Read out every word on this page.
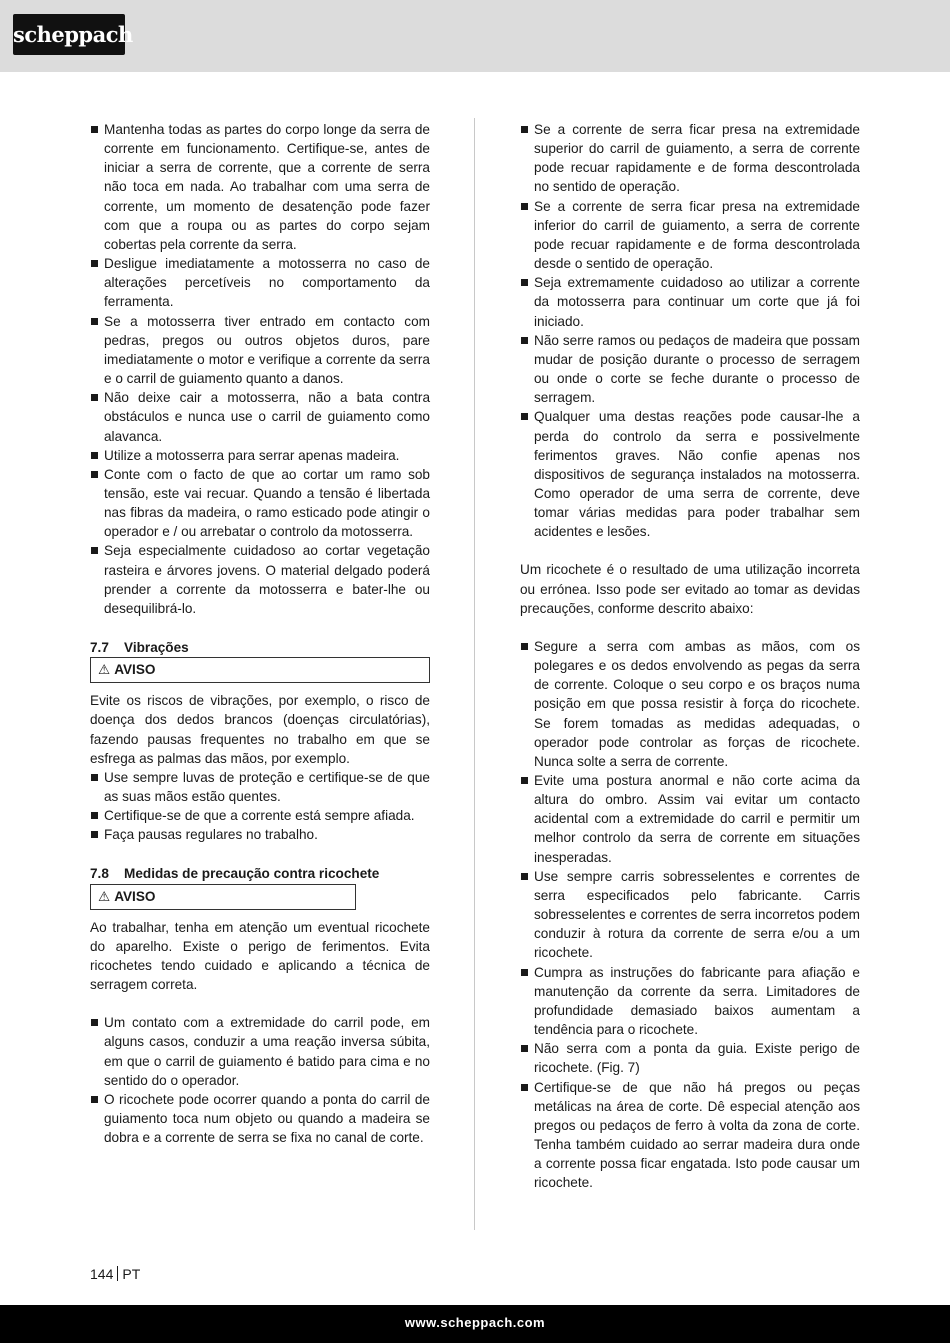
scheppach
Mantenha todas as partes do corpo longe da serra de corrente em funcionamento. Certifique-se, antes de iniciar a serra de corrente, que a corrente de serra não toca em nada. Ao trabalhar com uma serra de corrente, um momento de desatenção pode fazer com que a roupa ou as partes do corpo sejam cobertas pela corrente da serra.
Desligue imediatamente a motosserra no caso de alterações percetíveis no comportamento da ferramenta.
Se a motosserra tiver entrado em contacto com pedras, pregos ou outros objetos duros, pare imediatamente o motor e verifique a corrente da serra e o carril de guiamento quanto a danos.
Não deixe cair a motosserra, não a bata contra obstáculos e nunca use o carril de guiamento como alavanca.
Utilize a motosserra para serrar apenas madeira.
Conte com o facto de que ao cortar um ramo sob tensão, este vai recuar. Quando a tensão é libertada nas fibras da madeira, o ramo esticado pode atingir o operador e / ou arrebatar o controlo da motosserra.
Seja especialmente cuidadoso ao cortar vegetação rasteira e árvores jovens. O material delgado poderá prender a corrente da motosserra e bater-lhe ou desequilibrá-lo.
7.7 Vibrações
⚠ AVISO
Evite os riscos de vibrações, por exemplo, o risco de doença dos dedos brancos (doenças circulatórias), fazendo pausas frequentes no trabalho em que se esfrega as palmas das mãos, por exemplo.
Use sempre luvas de proteção e certifique-se de que as suas mãos estão quentes.
Certifique-se de que a corrente está sempre afiada.
Faça pausas regulares no trabalho.
7.8 Medidas de precaução contra ricochete
⚠ AVISO
Ao trabalhar, tenha em atenção um eventual ricochete do aparelho. Existe o perigo de ferimentos. Evita ricochetes tendo cuidado e aplicando a técnica de serragem correta.
Um contato com a extremidade do carril pode, em alguns casos, conduzir a uma reação inversa súbita, em que o carril de guiamento é batido para cima e no sentido do o operador.
O ricochete pode ocorrer quando a ponta do carril de guiamento toca num objeto ou quando a madeira se dobra e a corrente de serra se fixa no canal de corte.
Se a corrente de serra ficar presa na extremidade superior do carril de guiamento, a serra de corrente pode recuar rapidamente e de forma descontrolada no sentido de operação.
Se a corrente de serra ficar presa na extremidade inferior do carril de guiamento, a serra de corrente pode recuar rapidamente e de forma descontrolada desde o sentido de operação.
Seja extremamente cuidadoso ao utilizar a corrente da motosserra para continuar um corte que já foi iniciado.
Não serre ramos ou pedaços de madeira que possam mudar de posição durante o processo de serragem ou onde o corte se feche durante o processo de serragem.
Qualquer uma destas reações pode causar-lhe a perda do controlo da serra e possivelmente ferimentos graves. Não confie apenas nos dispositivos de segurança instalados na motosserra. Como operador de uma serra de corrente, deve tomar várias medidas para poder trabalhar sem acidentes e lesões.
Um ricochete é o resultado de uma utilização incorreta ou errónea. Isso pode ser evitado ao tomar as devidas precauções, conforme descrito abaixo:
Segure a serra com ambas as mãos, com os polegares e os dedos envolvendo as pegas da serra de corrente. Coloque o seu corpo e os braços numa posição em que possa resistir à força do ricochete. Se forem tomadas as medidas adequadas, o operador pode controlar as forças de ricochete. Nunca solte a serra de corrente.
Evite uma postura anormal e não corte acima da altura do ombro. Assim vai evitar um contacto acidental com a extremidade do carril e permitir um melhor controlo da serra de corrente em situações inesperadas.
Use sempre carris sobresselentes e correntes de serra especificados pelo fabricante. Carris sobresselentes e correntes de serra incorretos podem conduzir à rotura da corrente de serra e/ou a um ricochete.
Cumpra as instruções do fabricante para afiação e manutenção da corrente da serra. Limitadores de profundidade demasiado baixos aumentam a tendência para o ricochete.
Não serra com a ponta da guia. Existe perigo de ricochete. (Fig. 7)
Certifique-se de que não há pregos ou peças metálicas na área de corte. Dê especial atenção aos pregos ou pedaços de ferro à volta da zona de corte. Tenha também cuidado ao serrar madeira dura onde a corrente possa ficar engatada. Isto pode causar um ricochete.
144 PT
www.scheppach.com
